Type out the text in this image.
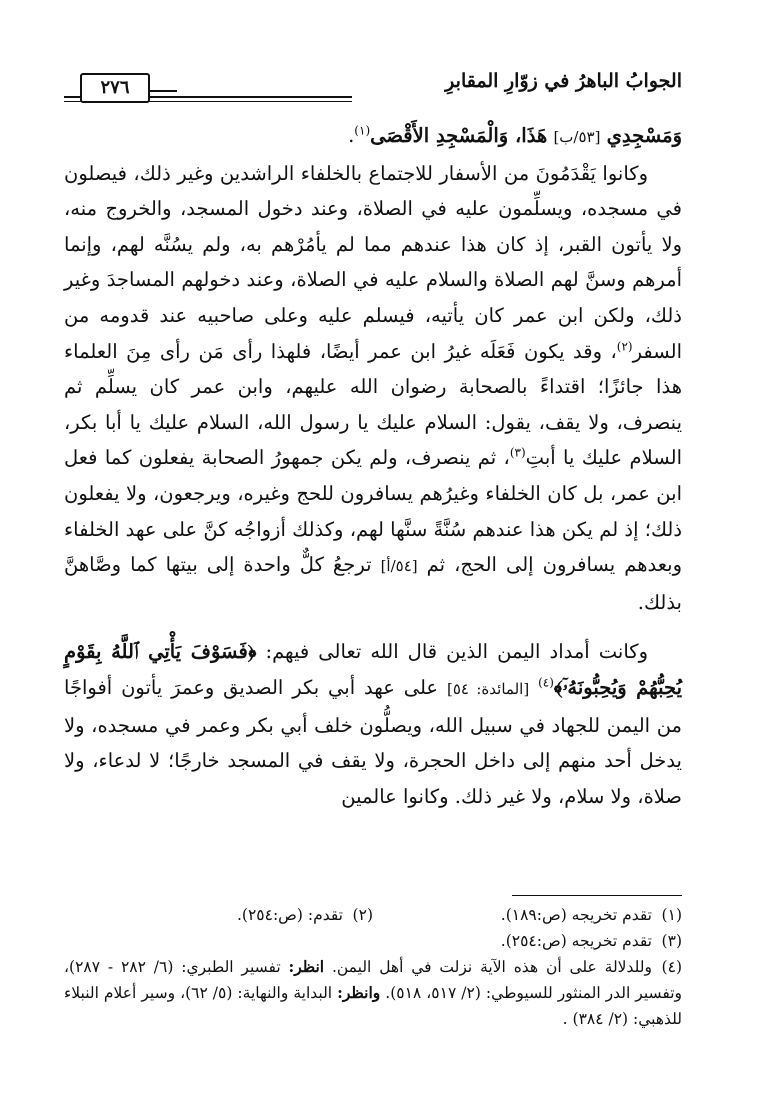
الجوابُ الباهرُ في زوّارِ المقابرِ
٢٧٦

وَمَسْجِدِي [٥٣/ب] هَذَا، وَالْمَسْجِدِ الأَقْصَى$^{(١)}$.

وكانوا يَقْدَمُونَ من الأسفار للاجتماع بالخلفاء الراشدين وغير ذلك، فيصلون في مسجده، ويسلِّمون عليه في الصلاة، وعند دخول المسجد، والخروج منه، ولا يأتون القبر، إذ كان هذا عندهم مما لم يأمُرْهم به، ولم يسُنَّه لهم، وإنما أمرهم وسنَّ لهم الصلاة والسلام عليه في الصلاة، وعند دخولهم المساجدَ وغير ذلك، ولكن ابن عمر كان يأتيه، فيسلم عليه وعلى صاحبيه عند قدومه من السفر$^{(٢)}$، وقد يكون فَعَلَه غيرُ ابن عمر أيضًا، فلهذا رأى مَن رأى مِنَ العلماء هذا جائزًا؛ اقتداءً بالصحابة رضوان الله عليهم، وابن عمر كان يسلِّم ثم ينصرف، ولا يقف، يقول: السلام عليك يا رسول الله، السلام عليك يا أبا بكر، السلام عليك يا أبتِ$^{(٣)}$، ثم ينصرف، ولم يكن جمهورُ الصحابة يفعلون كما فعل ابن عمر، بل كان الخلفاء وغيرُهم يسافرون للحج وغيره، ويرجعون، ولا يفعلون ذلك؛ إذ لم يكن هذا عندهم سُنَّةً سنَّها لهم، وكذلك أزواجُه كنَّ على عهد الخلفاء وبعدهم يسافرون إلى الحج، ثم [٥٤/أ] ترجعُ كلٌّ واحدة إلى بيتها كما وصَّاهنَّ بذلك.

وكانت أمداد اليمن الذين قال الله تعالى فيهم: ﴿فَسَوْفَ يَأْتِي ٱللَّهُ بِقَوْمٍ يُحِبُّهُمْ وَيُحِبُّونَهُۥٓ﴾$^{(٤)}$ [المائدة: ٥٤] على عهد أبي بكر الصديق وعمرَ يأتون أفواجًا من اليمن للجهاد في سبيل الله، ويصلُّون خلف أبي بكر وعمر في مسجده، ولا يدخل أحد منهم إلى داخل الحجرة، ولا يقف في المسجد خارجًا؛ لا لدعاء، ولا صلاة، ولا سلام، ولا غير ذلك. وكانوا عالمين

(١)تقدم تخريجه (ص:١٨٩).
(٢)تقدم: (ص:٢٥٤).
(٣)تقدم تخريجه (ص:٢٥٤).
(٤)وللدلالة على أن هذه الآية نزلت في أهل اليمن. انظر: تفسير الطبري: (٦/ ٢٨٢ - ٢٨٧)، وتفسير الدر المنثور للسيوطي: (٢/ ٥١٧، ٥١٨). وانظر: البداية والنهاية: (٥/ ٦٢)، وسير أعلام النبلاء للذهبي: (٢/ ٣٨٤) .
